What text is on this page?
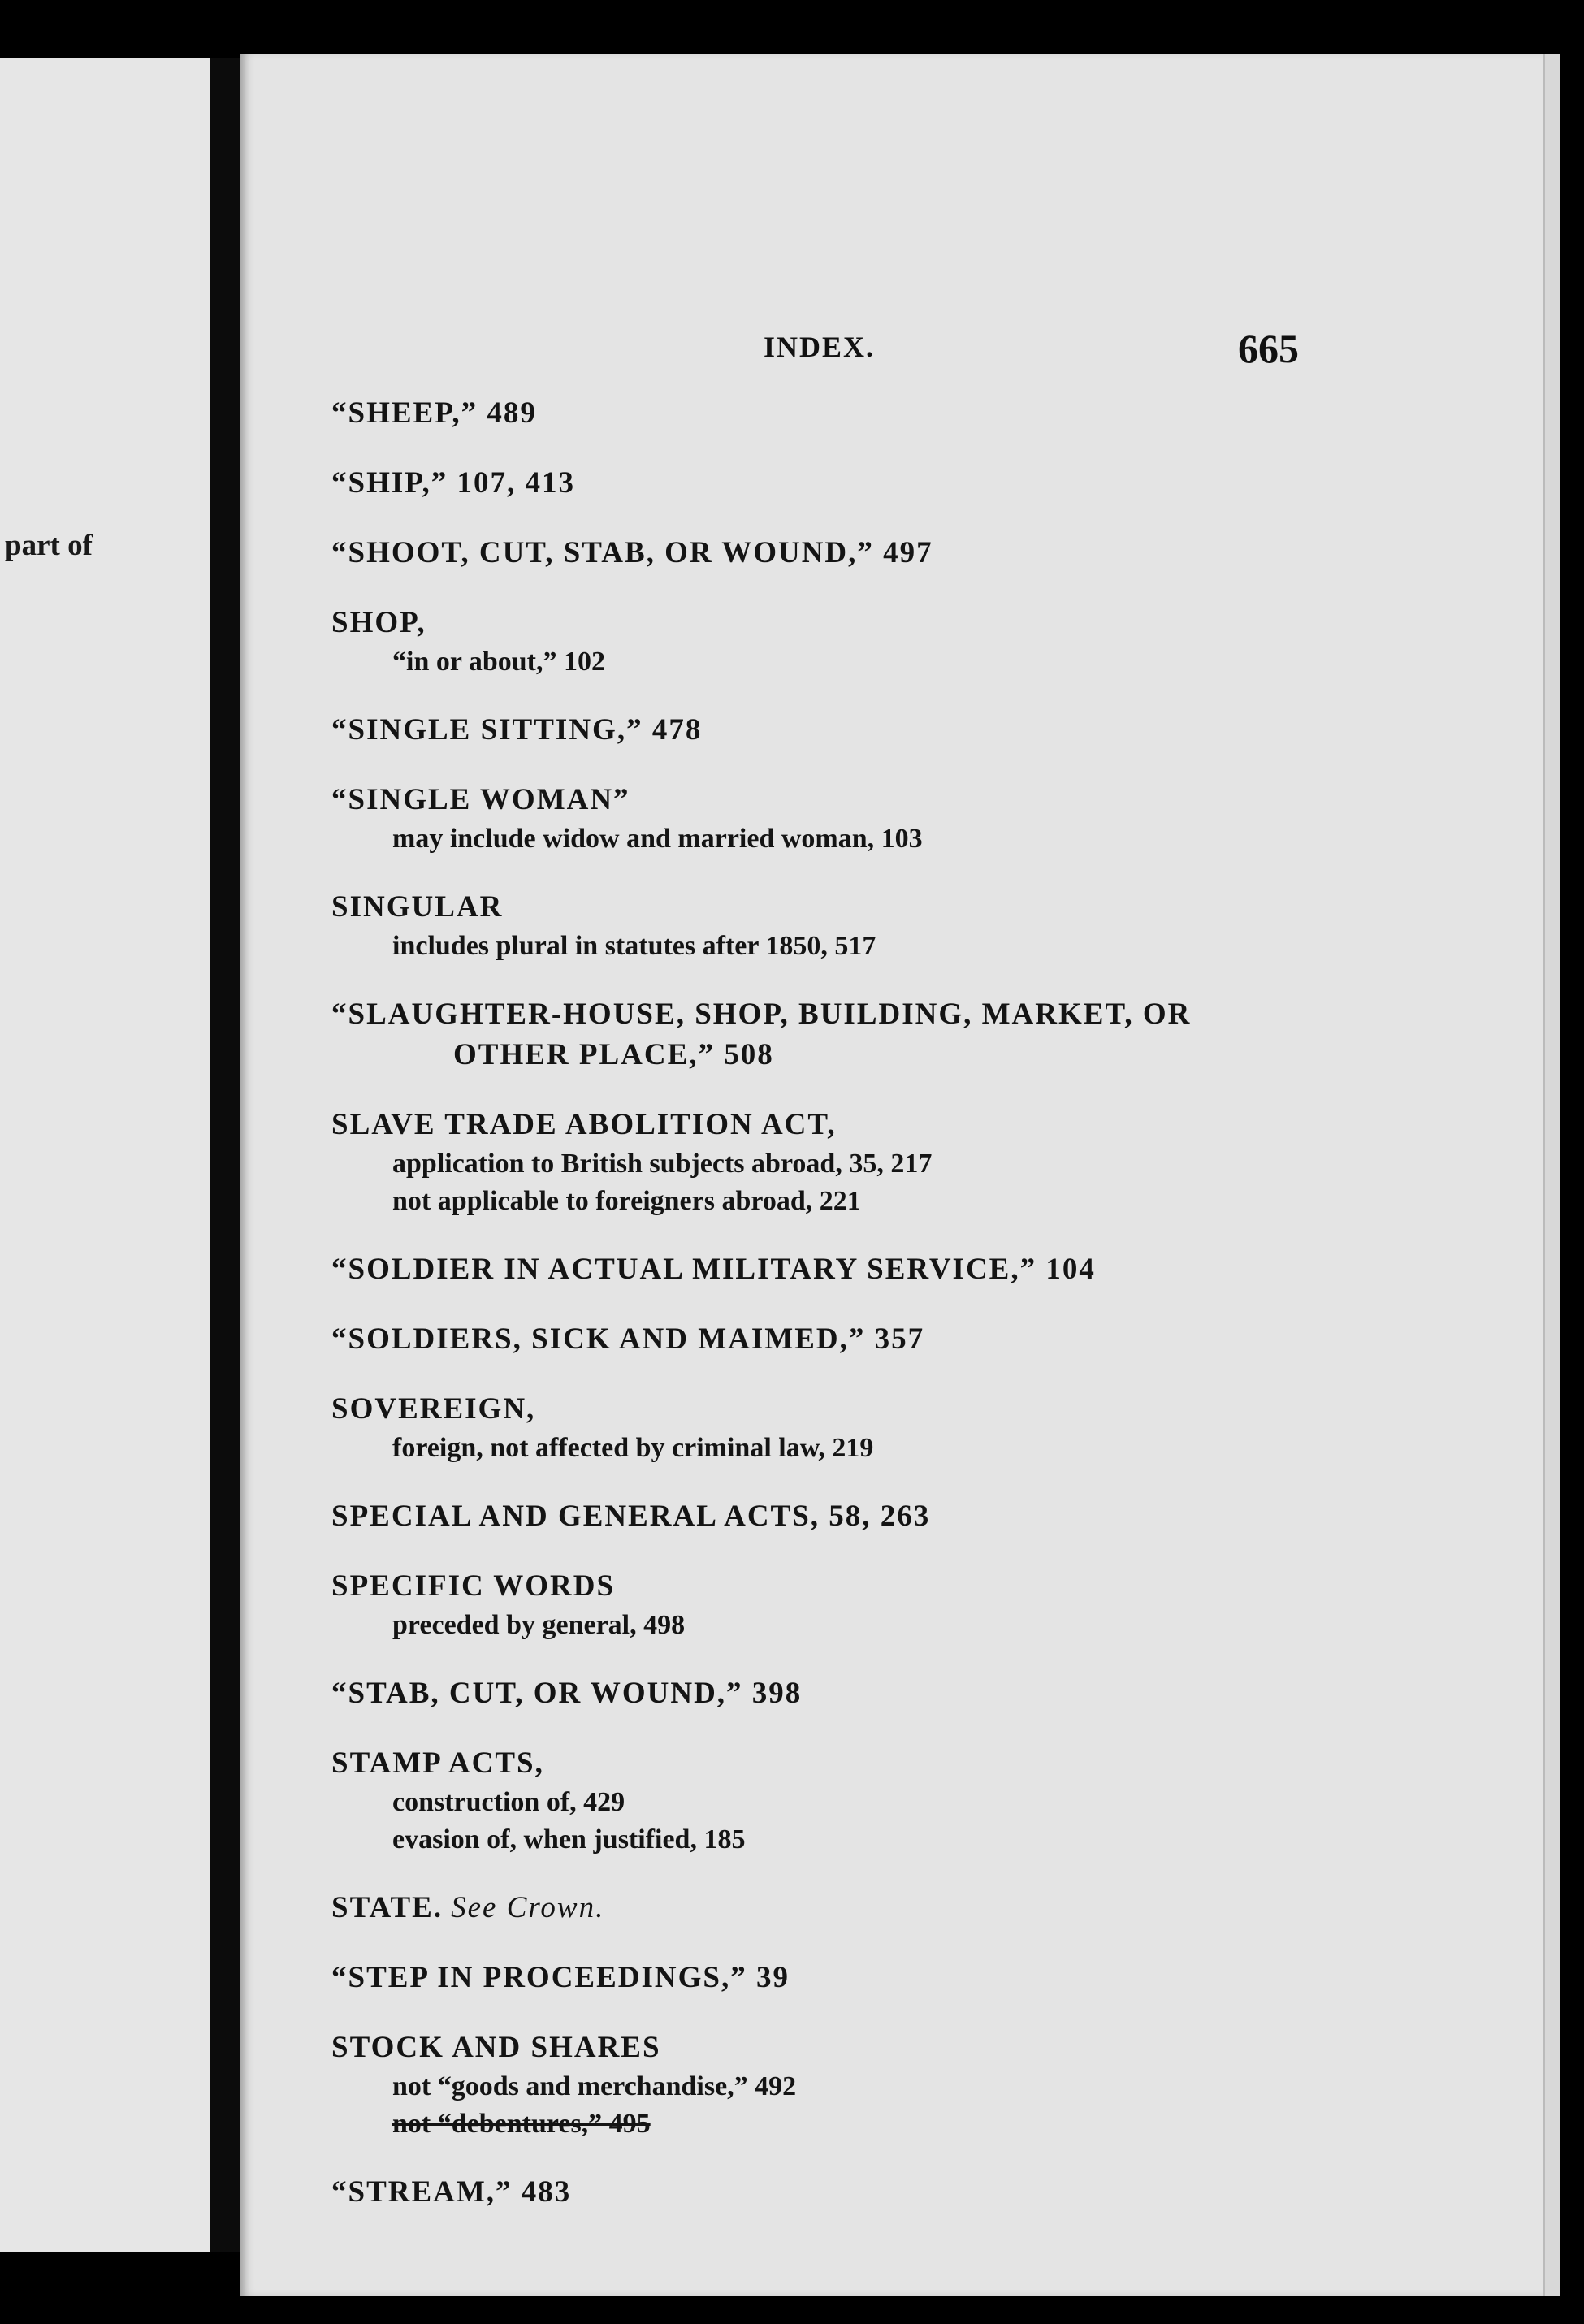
part of
INDEX.	665
“SHEEP,” 489
“SHIP,” 107, 413
“SHOOT, CUT, STAB, OR WOUND,” 497
SHOP,
“in or about,” 102
“SINGLE SITTING,” 478
“SINGLE WOMAN”
may include widow and married woman, 103
SINGULAR
includes plural in statutes after 1850, 517
“SLAUGHTER-HOUSE, SHOP, BUILDING, MARKET, OR
OTHER PLACE,” 508
SLAVE TRADE ABOLITION ACT,
application to British subjects abroad, 35, 217
not applicable to foreigners abroad, 221
“SOLDIER IN ACTUAL MILITARY SERVICE,” 104
“SOLDIERS, SICK AND MAIMED,” 357
SOVEREIGN,
foreign, not affected by criminal law, 219
SPECIAL AND GENERAL ACTS, 58, 263
SPECIFIC WORDS
preceded by general, 498
“STAB, CUT, OR WOUND,” 398
STAMP ACTS,
construction of, 429
evasion of, when justified, 185
STATE. See Crown.
“STEP IN PROCEEDINGS,” 39
STOCK AND SHARES
not “goods and merchandise,” 492
not “debentures,” 495
“STREAM,” 483
